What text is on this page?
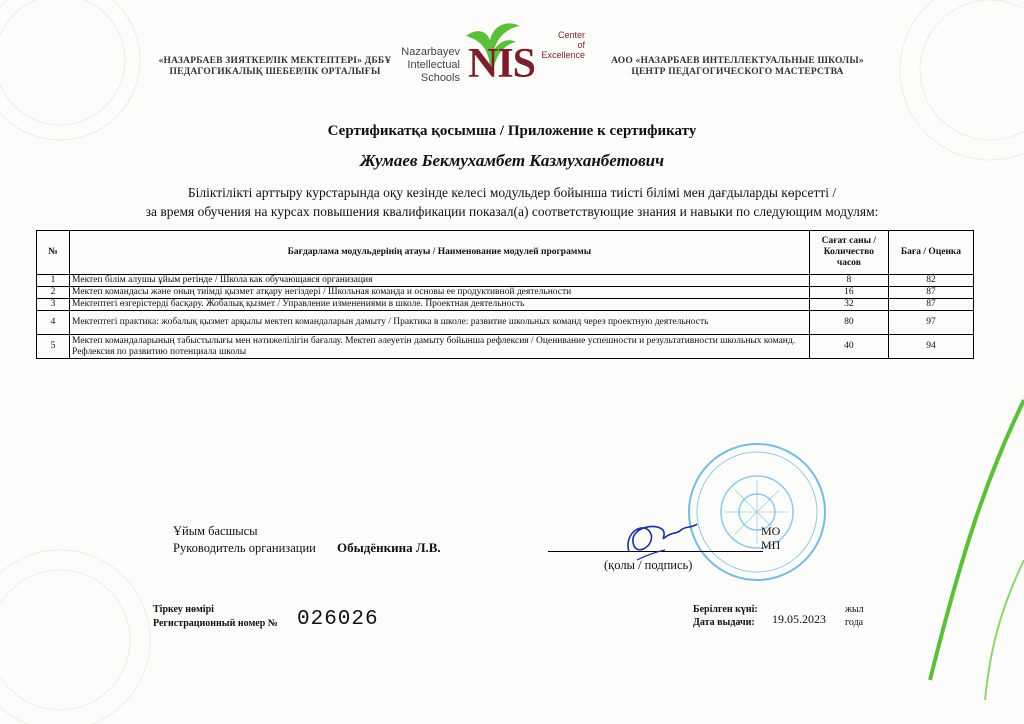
«НАЗАРБАЕВ ЗИЯТКЕРЛІК МЕКТЕПТЕРІ» ДББҰ
ПЕДАГОГИКАЛЫҚ ШЕБЕРЛІК ОРТАЛЫҒЫ
Nazarbayev
Intellectual
Schools NIS
Center
of Excellence
АОО «НАЗАРБАЕВ ИНТЕЛЛЕКТУАЛЬНЫЕ ШКОЛЫ»
ЦЕНТР ПЕДАГОГИЧЕСКОГО МАСТЕРСТВА
Сертификатқа қосымша / Приложение к сертификату
Жумаев Бекмухамбет Казмуханбетович
Біліктілікті арттыру курстарында оқу кезінде келесі модульдер бойынша тиісті білімі мен дағдыларды көрсетті /
за время обучения на курсах повышения квалификации показал(а) соответствующие знания и навыки по следующим модулям:
№	Бағдарлама модульдерінің атауы / Наименование модулей программы	Сағат саны /
Количество
часов	Баға / Оценка
1	Мектеп білім алушы ұйым ретінде / Школа как обучающаяся организация	8	82
2	Мектеп командасы және оның тиімді қызмет атқару негіздері / Школьная команда и основы ее продуктивной деятельности	16	87
3	Мектептегі өзгерістерді басқару. Жобалық қызмет / Управление изменениями в школе. Проектная деятельность	32	87
4	Мектептегі практика: жобалық қызмет арқылы мектеп командаларын дамыту / Практика в школе: развитие школьных команд через проектную деятельность	80	97
5	Мектеп командаларының табыстылығы мен нәтижелілігін бағалау. Мектеп әлеуетін дамыту бойынша рефлексия / Оценивание успешности и результативности школьных команд. Рефлексия по развитию потенциала школы	40	94
Ұйым басшысы
Руководитель организации Обыдёнкина Л.В.
(қолы / подпись)
МО
МП
Тіркеу нөмірі
Регистрационный номер № 026026	Берілген күні:
Дата выдачи: 19.05.2023
жыл
года
